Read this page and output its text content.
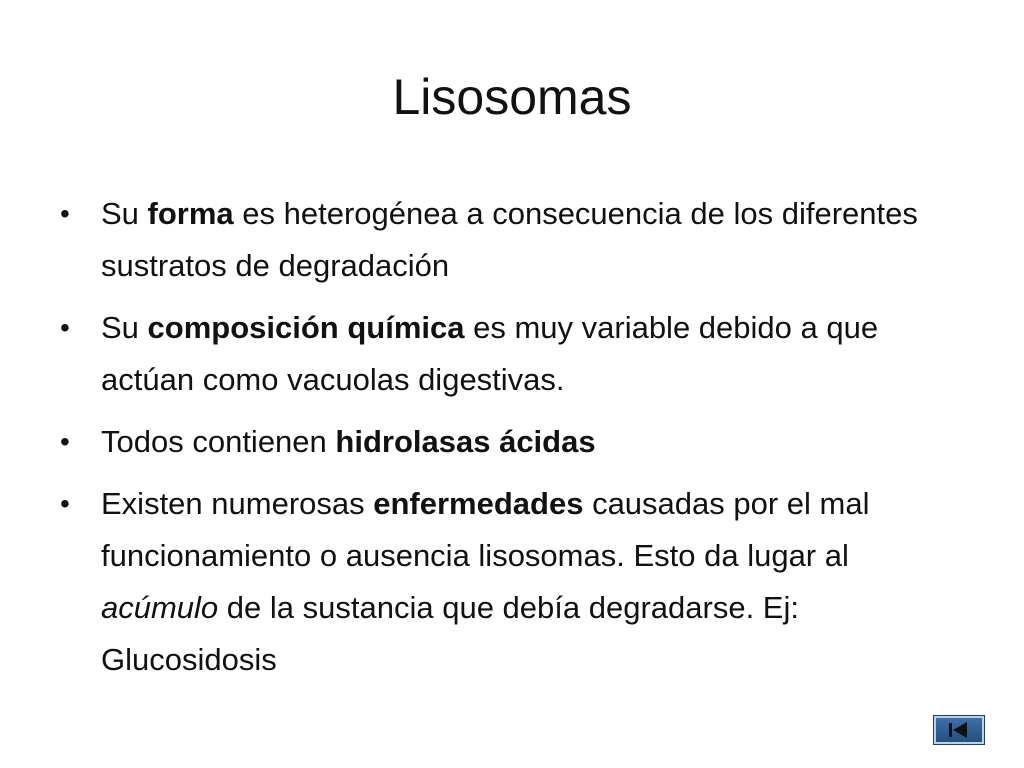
Lisosomas
• Su forma es heterogénea a consecuencia de los diferentes sustratos de degradación
• Su composición química es muy variable debido a que actúan como vacuolas digestivas.
• Todos contienen hidrolasas ácidas
• Existen numerosas enfermedades causadas por el mal funcionamiento o ausencia lisosomas. Esto da lugar al acúmulo de la sustancia que debía degradarse. Ej: Glucosidosis
